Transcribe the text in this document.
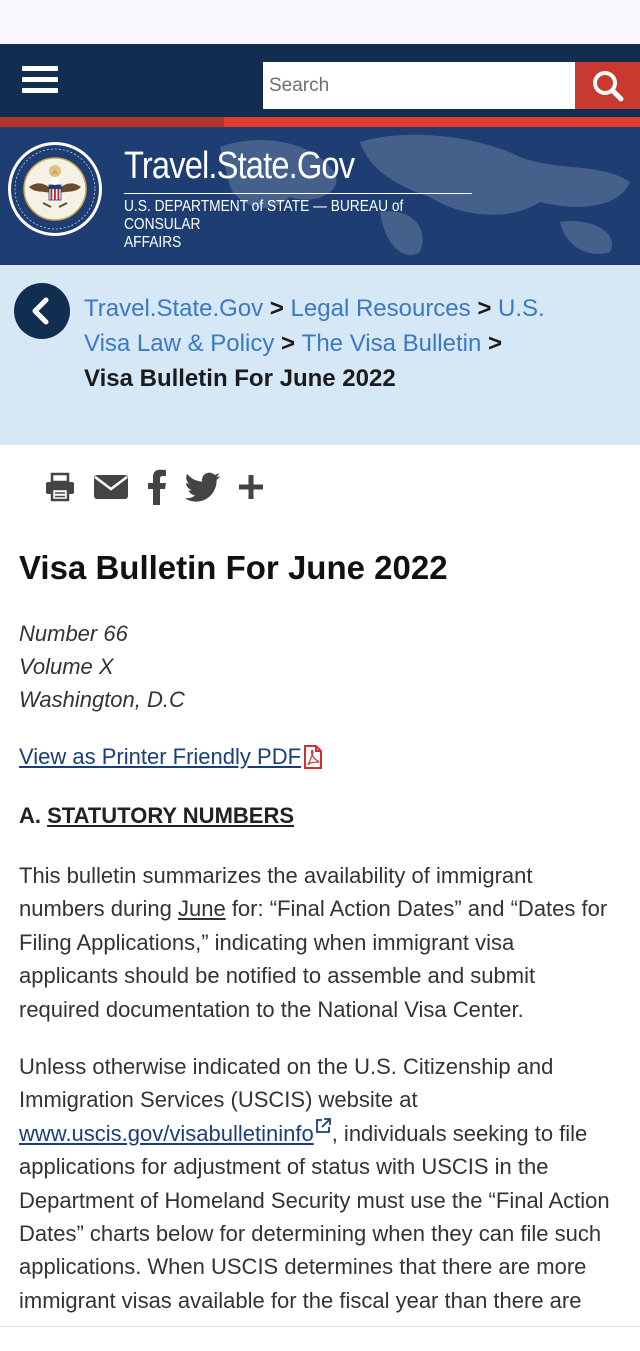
Search
Travel.State.Gov
U.S. DEPARTMENT of STATE — BUREAU of CONSULAR
AFFAIRS
Travel.State.Gov > Legal Resources > U.S. Visa Law & Policy > The Visa Bulletin > Visa Bulletin For June 2022
Visa Bulletin For June 2022
Number 66
Volume X
Washington, D.C
View as Printer Friendly PDF
A. STATUTORY NUMBERS

This bulletin summarizes the availability of immigrant numbers during June for: “Final Action Dates” and “Dates for Filing Applications,” indicating when immigrant visa applicants should be notified to assemble and submit required documentation to the National Visa Center.

Unless otherwise indicated on the U.S. Citizenship and Immigration Services (USCIS) website at www.uscis.gov/visabulletininfo , individuals seeking to file applications for adjustment of status with USCIS in the Department of Homeland Security must use the “Final Action Dates” charts below for determining when they can file such applications. When USCIS determines that there are more immigrant visas available for the fiscal year than there are
